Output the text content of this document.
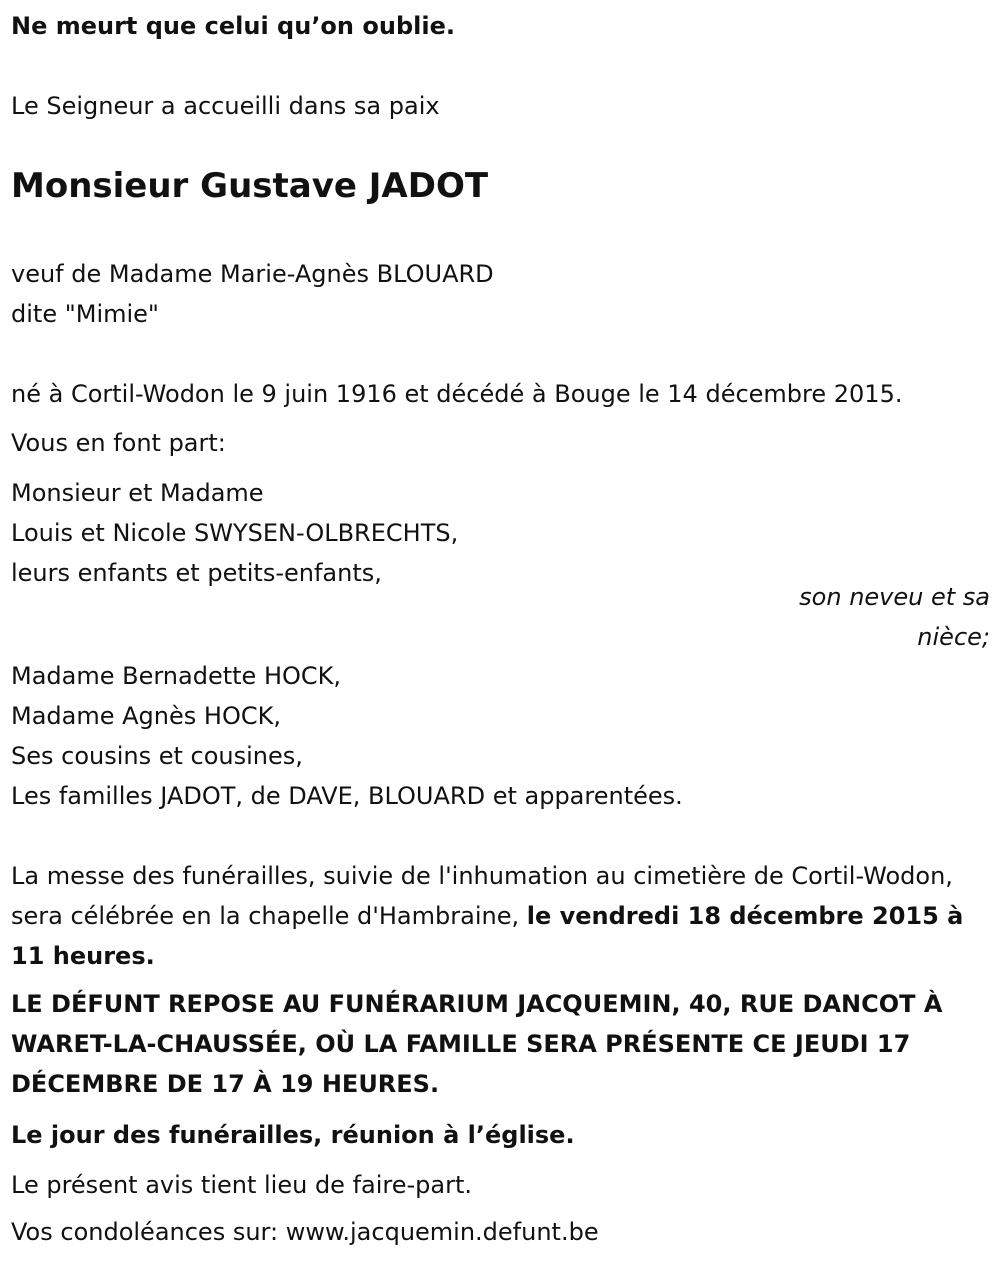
Ne meurt que celui qu’on oublie.
Le Seigneur a accueilli dans sa paix
Monsieur Gustave JADOT
veuf de Madame Marie-Agnès BLOUARD
dite "Mimie"
né à Cortil-Wodon le 9 juin 1916 et décédé à Bouge le 14 décembre 2015.
Vous en font part:
Monsieur et Madame
Louis et Nicole SWYSEN-OLBRECHTS,
leurs enfants et petits-enfants,
son neveu et sa nièce;
Madame Bernadette HOCK,
Madame Agnès HOCK,
Ses cousins et cousines,
Les familles JADOT, de DAVE, BLOUARD et apparentées.
La messe des funérailles, suivie de l'inhumation au cimetière de Cortil-Wodon, sera célébrée en la chapelle d'Hambraine, le vendredi 18 décembre 2015 à 11 heures.
LE DÉFUNT REPOSE AU FUNÉRARIUM JACQUEMIN, 40, RUE DANCOT À WARET-LA-CHAUSSÉE, OÙ LA FAMILLE SERA PRÉSENTE CE JEUDI 17 DÉCEMBRE DE 17 À 19 HEURES.
Le jour des funérailles, réunion à l’église.
Le présent avis tient lieu de faire-part.
Vos condoléances sur: www.jacquemin.defunt.be
